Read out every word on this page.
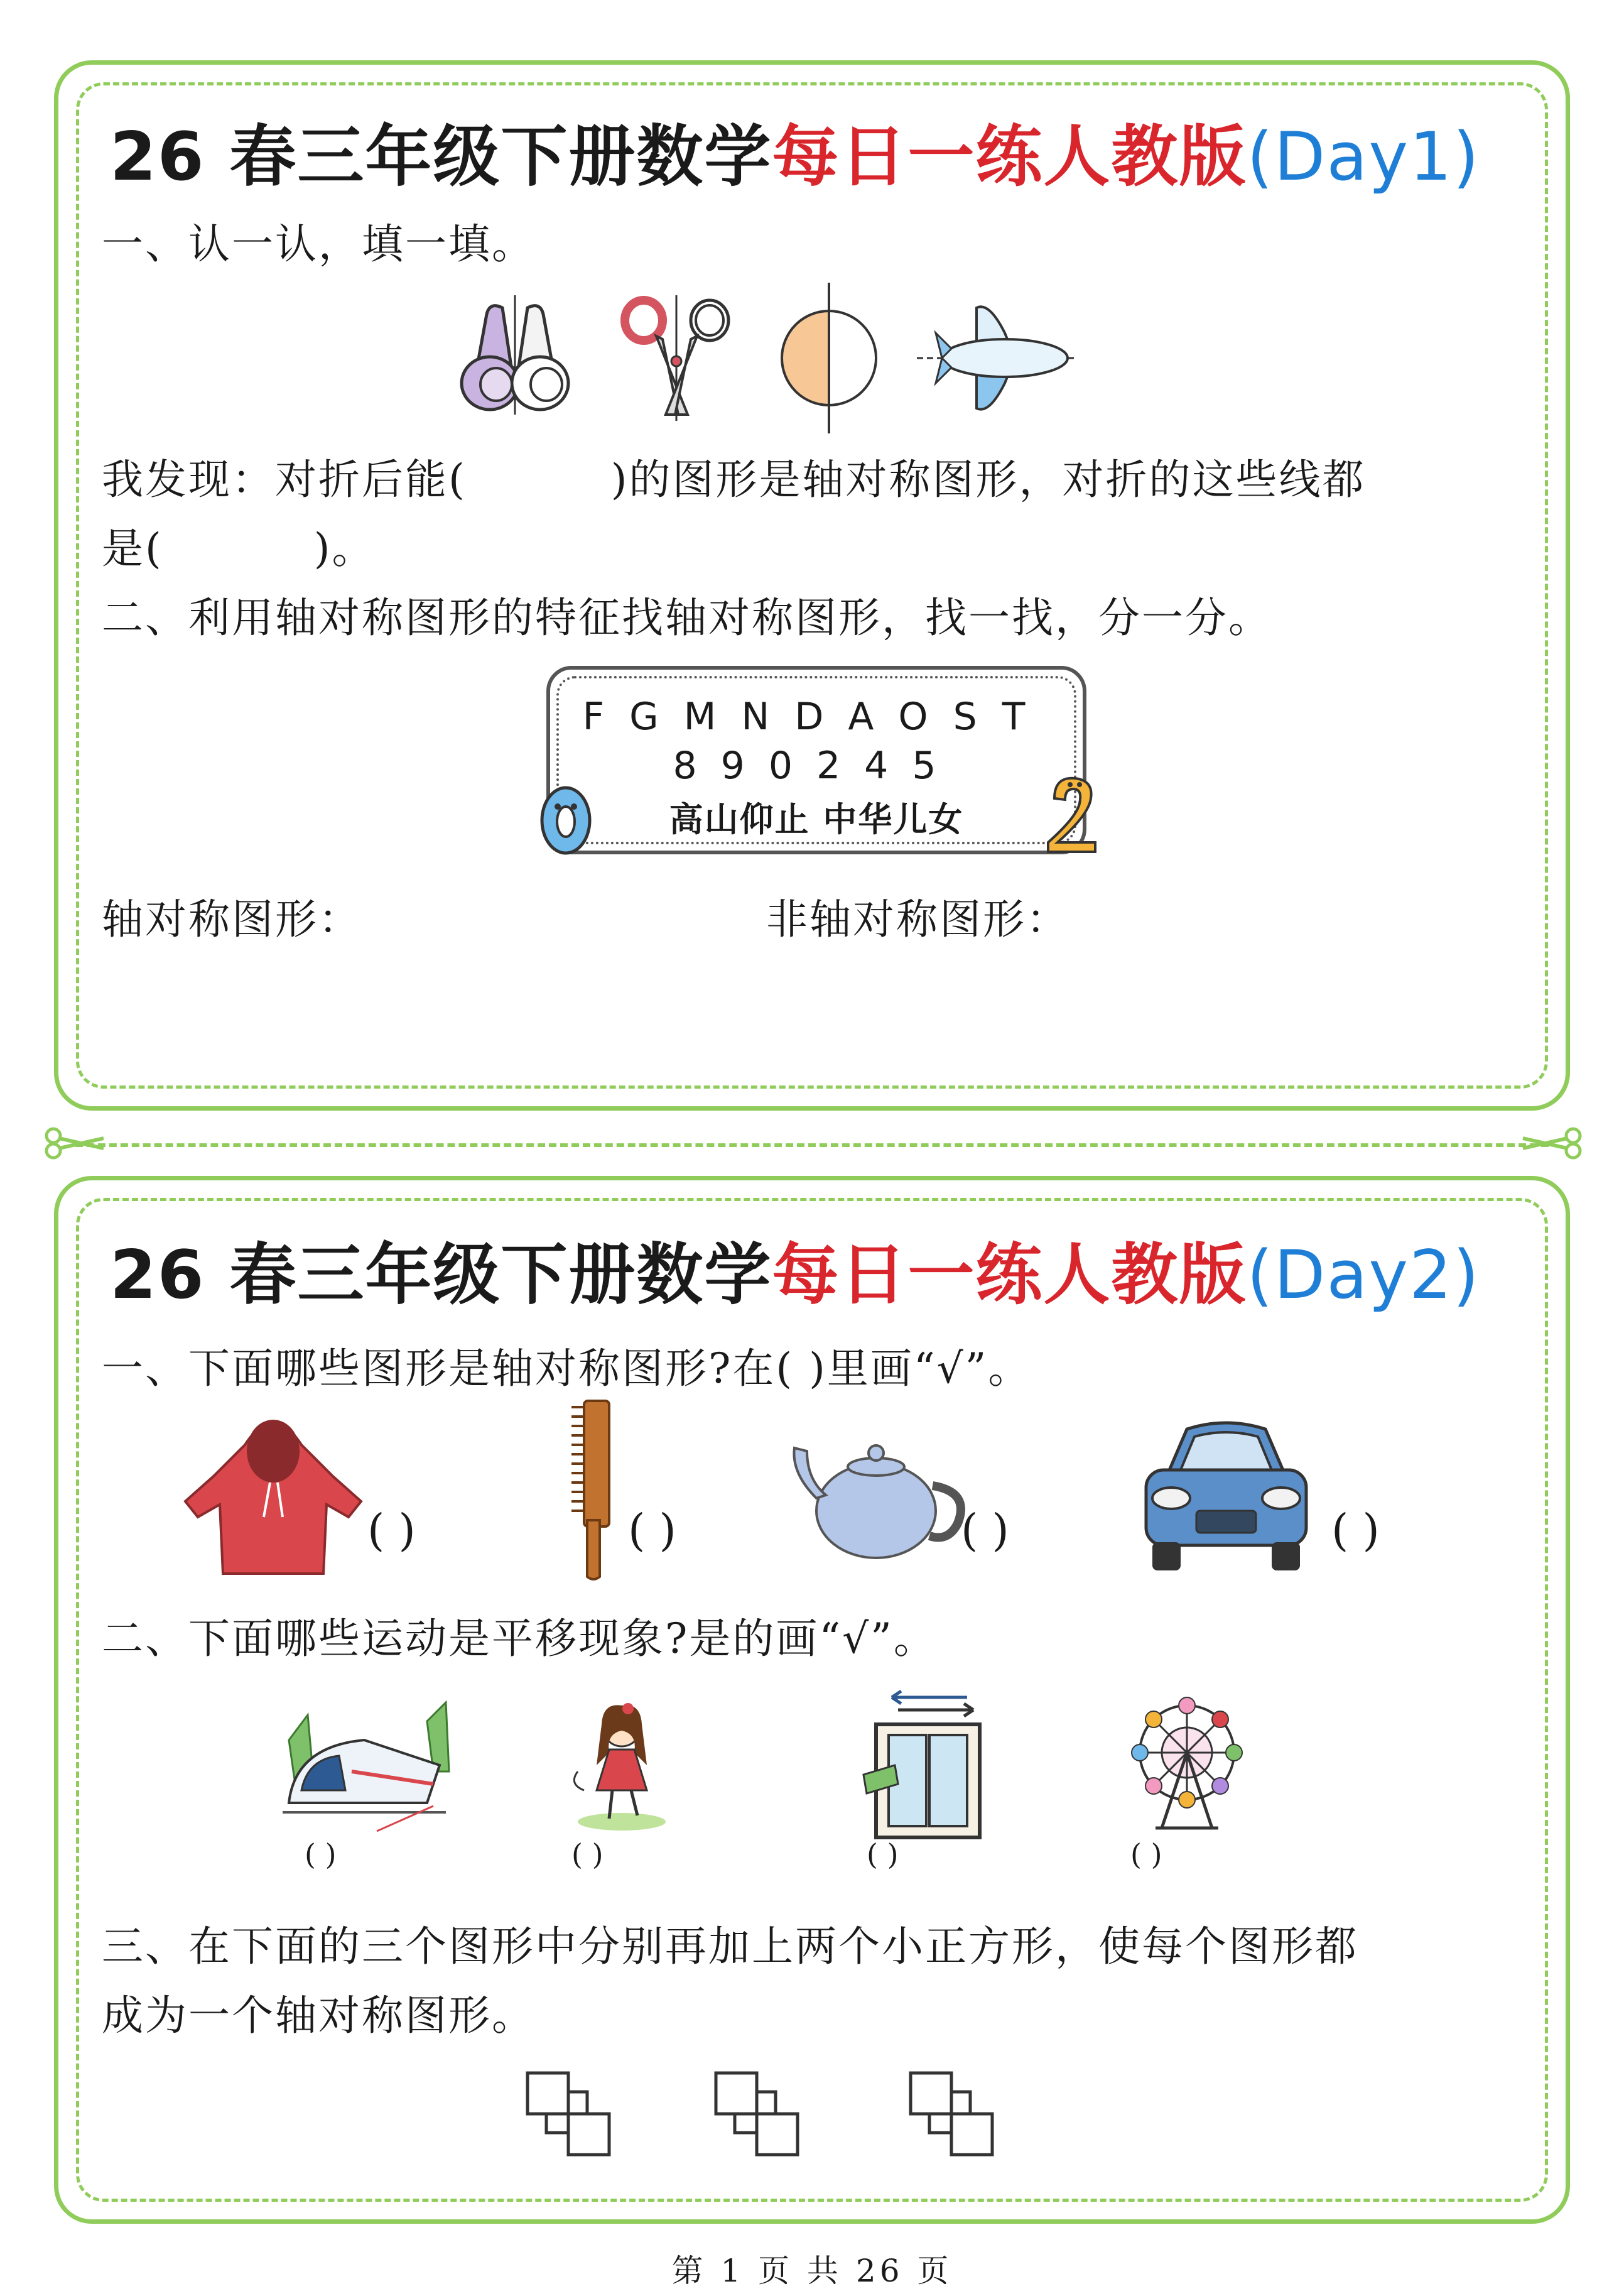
26 春三年级下册数学每日一练人教版(Day1)
一、认一认，填一填。
我发现：对折后能(	)的图形是轴对称图形，对折的这些线都
是(	)。
二、利用轴对称图形的特征找轴对称图形，找一找，分一分。
FGMNDAOST
890245
高山仰止 中华儿女
轴对称图形：	非轴对称图形：
26 春三年级下册数学每日一练人教版(Day2)
一、下面哪些图形是轴对称图形?在( )里画“√”。
( )	( )	( )	( )
二、下面哪些运动是平移现象?是的画“√”。
( )	( )	( )	( )
三、在下面的三个图形中分别再加上两个小正方形，使每个图形都
成为一个轴对称图形。
第 1 页 共 26 页
